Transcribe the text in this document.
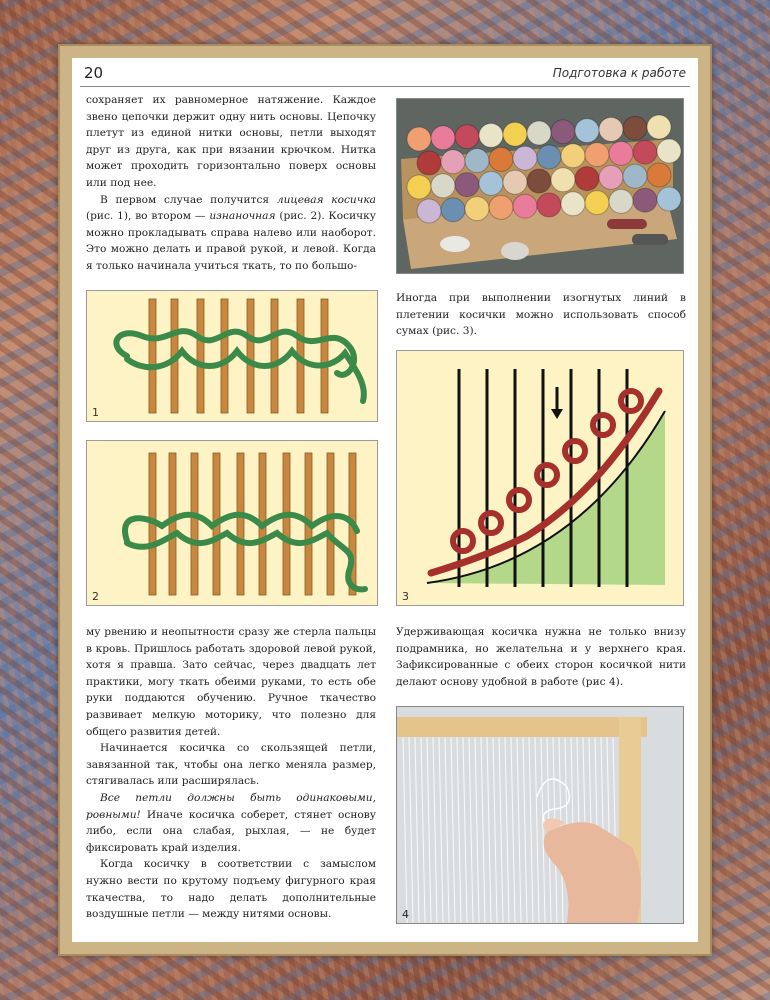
20	Подготовка к работе

сохраняет их равномерное натяжение. Каждое звено цепочки держит одну нить основы. Цепочку плетут из единой нитки основы, петли выходят друг из друга, как при вязании крючком. Нитка может проходить горизонтально поверх основы или под нее.

В первом случае получится лицевая косичка (рис. 1), во втором — изнаночная (рис. 2). Косичку можно прокладывать справа налево или наоборот. Это можно делать и правой рукой, и левой. Когда я только начинала учиться ткать, то по большо-

1
2

Иногда при выполнении изогнутых линий в плетении косички можно использовать способ сумах (рис. 3).

3

му рвению и неопытности сразу же стерла пальцы в кровь. Пришлось работать здоровой левой рукой, хотя я правша. Зато сейчас, через двадцать лет практики, могу ткать обеими руками, то есть обе руки поддаются обучению. Ручное ткачество развивает мелкую моторику, что полезно для общего развития детей.

Начинается косичка со скользящей петли, завязанной так, чтобы она легко меняла размер, стягивалась или расширялась.

Все петли должны быть одинаковыми, ровными! Иначе косичка соберет, стянет основу либо, если она слабая, рыхлая, — не будет фиксировать край изделия.

Когда косичку в соответствии с замыслом нужно вести по крутому подъему фигурного края ткачества, то надо делать дополнительные воздушные петли — между нитями основы.

Удерживающая косичка нужна не только внизу подрамника, но желательна и у верхнего края. Зафиксированные с обеих сторон косичкой нити делают основу удобной в работе (рис 4).

4
